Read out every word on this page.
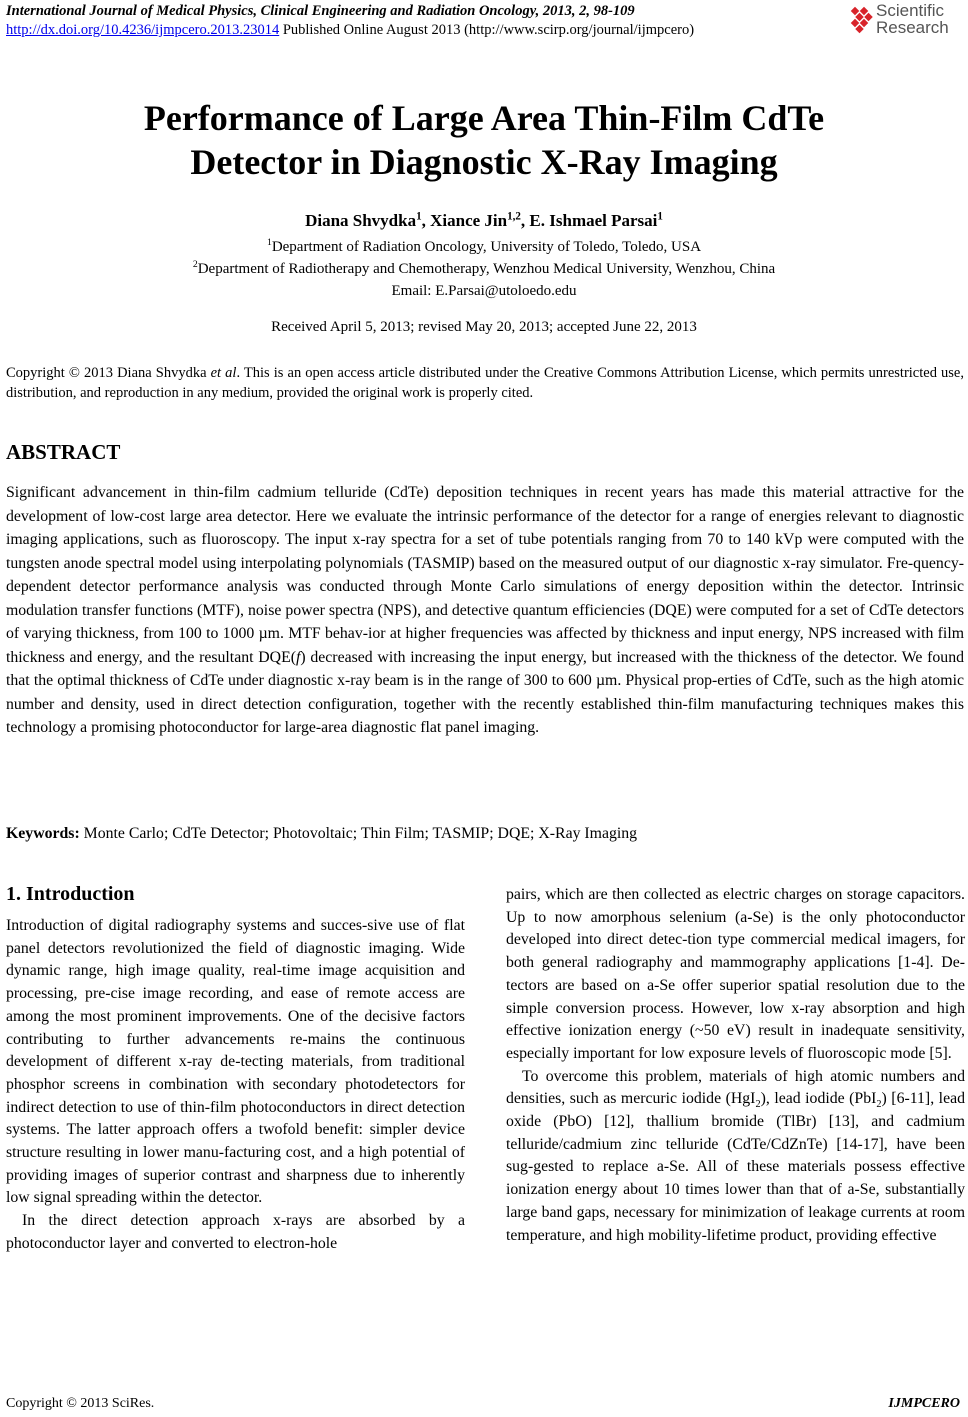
International Journal of Medical Physics, Clinical Engineering and Radiation Oncology, 2013, 2, 98-109
http://dx.doi.org/10.4236/ijmpcero.2013.23014 Published Online August 2013 (http://www.scirp.org/journal/ijmpcero)
Scientific
Research
Performance of Large Area Thin-Film CdTe
Detector in Diagnostic X-Ray Imaging
Diana Shvydka$^1$, Xiance Jin$^{1,2}$, E. Ishmael Parsai$^1$
$^1$Department of Radiation Oncology, University of Toledo, Toledo, USA
$^2$Department of Radiotherapy and Chemotherapy, Wenzhou Medical University, Wenzhou, China
Email: E.Parsai@utoloedo.edu
Received April 5, 2013; revised May 20, 2013; accepted June 22, 2013
Copyright © 2013 Diana Shvydka et al. This is an open access article distributed under the Creative Commons Attribution License, which permits unrestricted use, distribution, and reproduction in any medium, provided the original work is properly cited.
ABSTRACT
Significant advancement in thin-film cadmium telluride (CdTe) deposition techniques in recent years has made this material attractive for the development of low-cost large area detector. Here we evaluate the intrinsic performance of the detector for a range of energies relevant to diagnostic imaging applications, such as fluoroscopy. The input x-ray spectra for a set of tube potentials ranging from 70 to 140 kVp were computed with the tungsten anode spectral model using interpolating polynomials (TASMIP) based on the measured output of our diagnostic x-ray simulator. Fre-quency-dependent detector performance analysis was conducted through Monte Carlo simulations of energy deposition within the detector. Intrinsic modulation transfer functions (MTF), noise power spectra (NPS), and detective quantum efficiencies (DQE) were computed for a set of CdTe detectors of varying thickness, from 100 to 1000 µm. MTF behav-ior at higher frequencies was affected by thickness and input energy, NPS increased with film thickness and energy, and the resultant DQE(f) decreased with increasing the input energy, but increased with the thickness of the detector. We found that the optimal thickness of CdTe under diagnostic x-ray beam is in the range of 300 to 600 µm. Physical prop-erties of CdTe, such as the high atomic number and density, used in direct detection configuration, together with the recently established thin-film manufacturing techniques makes this technology a promising photoconductor for large-area diagnostic flat panel imaging.
Keywords: Monte Carlo; CdTe Detector; Photovoltaic; Thin Film; TASMIP; DQE; X-Ray Imaging
1. Introduction

Introduction of digital radiography systems and succes-sive use of flat panel detectors revolutionized the field of diagnostic imaging. Wide dynamic range, high image quality, real-time image acquisition and processing, pre-cise image recording, and ease of remote access are among the most prominent improvements. One of the decisive factors contributing to further advancements re-mains the continuous development of different x-ray de-tecting materials, from traditional phosphor screens in combination with secondary photodetectors for indirect detection to use of thin-film photoconductors in direct detection systems. The latter approach offers a twofold benefit: simpler device structure resulting in lower manu-facturing cost, and a high potential of providing images of superior contrast and sharpness due to inherently low signal spreading within the detector.

In the direct detection approach x-rays are absorbed by a photoconductor layer and converted to electron-hole

pairs, which are then collected as electric charges on storage capacitors. Up to now amorphous selenium (a-Se) is the only photoconductor developed into direct detec-tion type commercial medical imagers, for both general radiography and mammography applications [1-4]. De-tectors are based on a-Se offer superior spatial resolution due to the simple conversion process. However, low x-ray absorption and high effective ionization energy (~50 eV) result in inadequate sensitivity, especially important for low exposure levels of fluoroscopic mode [5].

To overcome this problem, materials of high atomic numbers and densities, such as mercuric iodide (HgI$_2$), lead iodide (PbI$_2$) [6-11], lead oxide (PbO) [12], thallium bromide (TlBr) [13], and cadmium telluride/cadmium zinc telluride (CdTe/CdZnTe) [14-17], have been sug-gested to replace a-Se. All of these materials possess effective ionization energy about 10 times lower than that of a-Se, substantially large band gaps, necessary for minimization of leakage currents at room temperature, and high mobility-lifetime product, providing effective

Copyright © 2013 SciRes.	IJMPCERO
